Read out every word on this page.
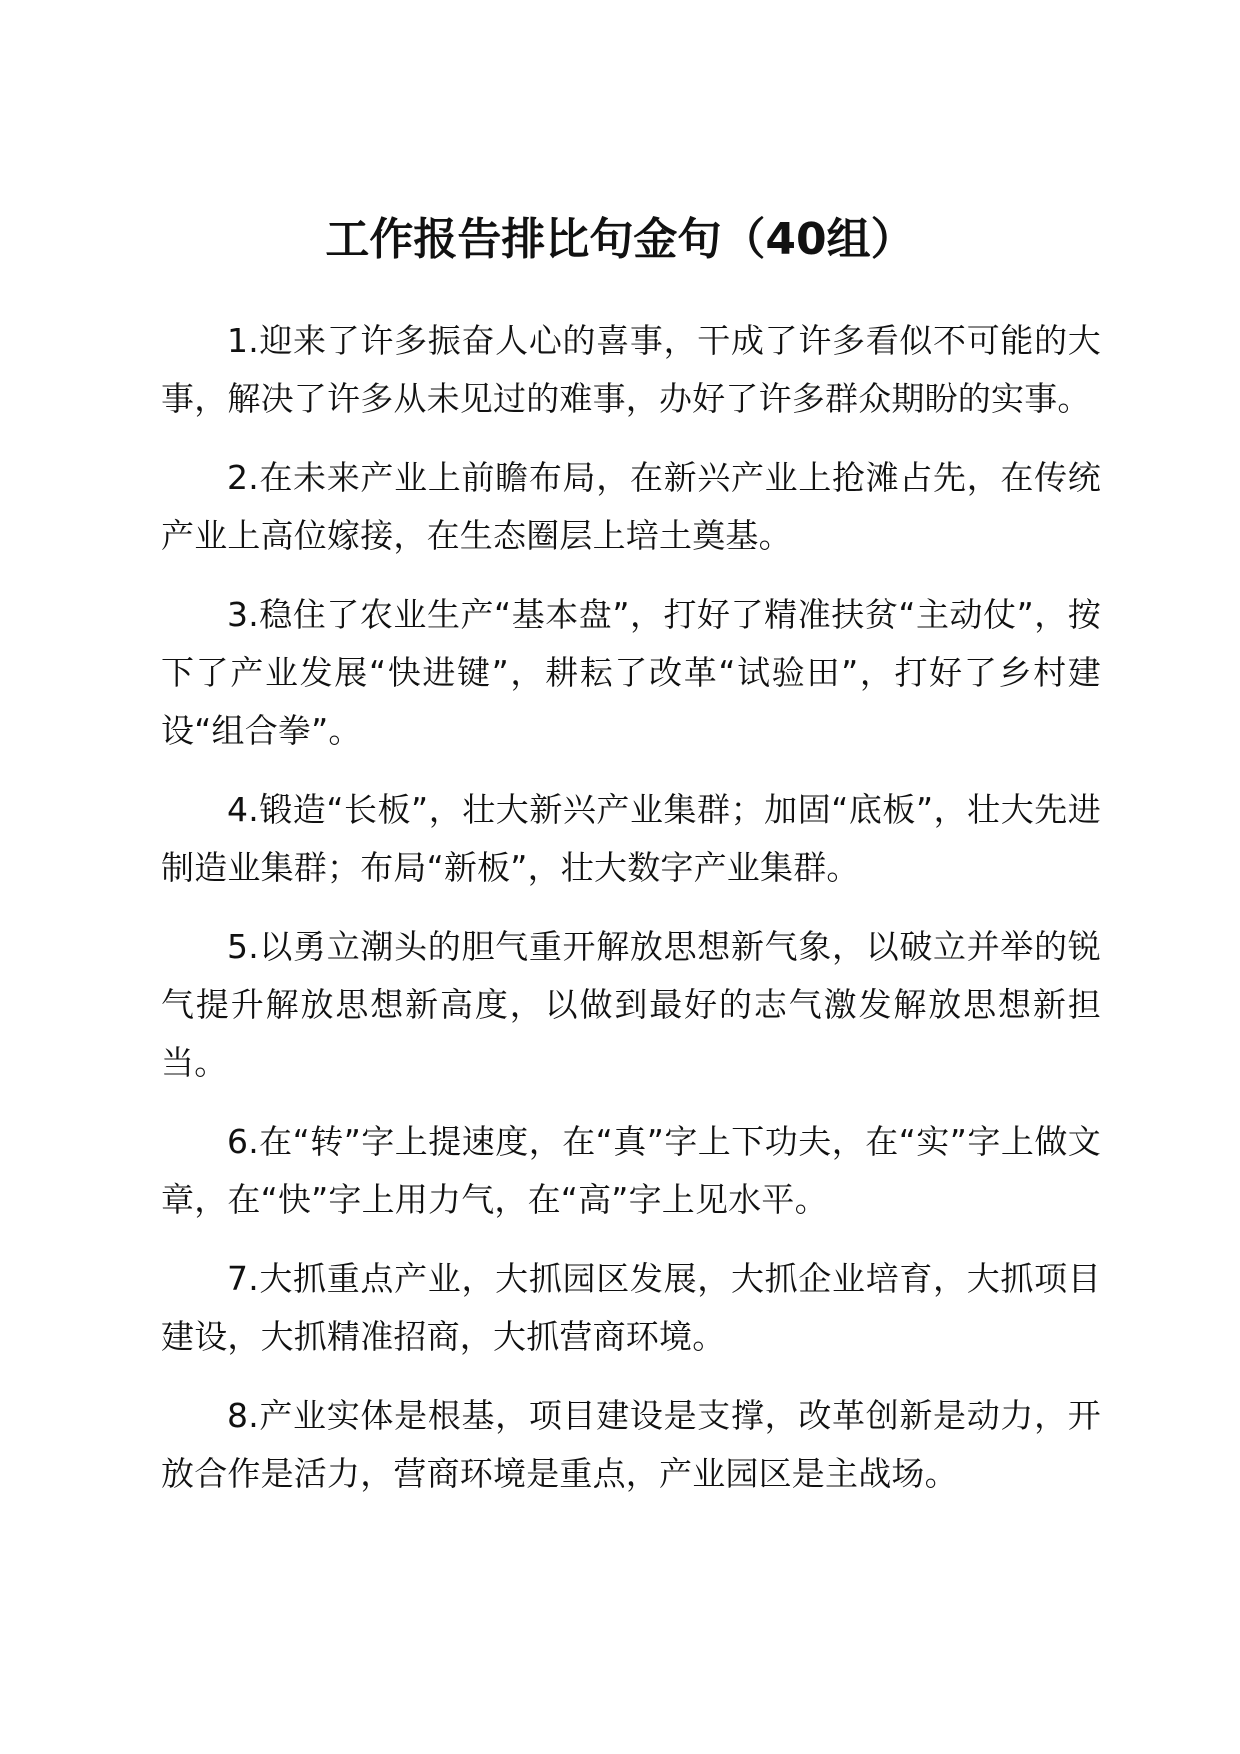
工作报告排比句金句（40组）

1.迎来了许多振奋人心的喜事，干成了许多看似不可能的大事，解决了许多从未见过的难事，办好了许多群众期盼的实事。

2.在未来产业上前瞻布局，在新兴产业上抢滩占先，在传统产业上高位嫁接，在生态圈层上培土奠基。

3.稳住了农业生产“基本盘”，打好了精准扶贫“主动仗”，按下了产业发展“快进键”，耕耘了改革“试验田”，打好了乡村建设“组合拳”。

4.锻造“长板”，壮大新兴产业集群；加固“底板”，壮大先进制造业集群；布局“新板”，壮大数字产业集群。

5.以勇立潮头的胆气重开解放思想新气象，以破立并举的锐气提升解放思想新高度，以做到最好的志气激发解放思想新担当。

6.在“转”字上提速度，在“真”字上下功夫，在“实”字上做文章，在“快”字上用力气，在“高”字上见水平。

7.大抓重点产业，大抓园区发展，大抓企业培育，大抓项目建设，大抓精准招商，大抓营商环境。

8.产业实体是根基，项目建设是支撑，改革创新是动力，开放合作是活力，营商环境是重点，产业园区是主战场。
